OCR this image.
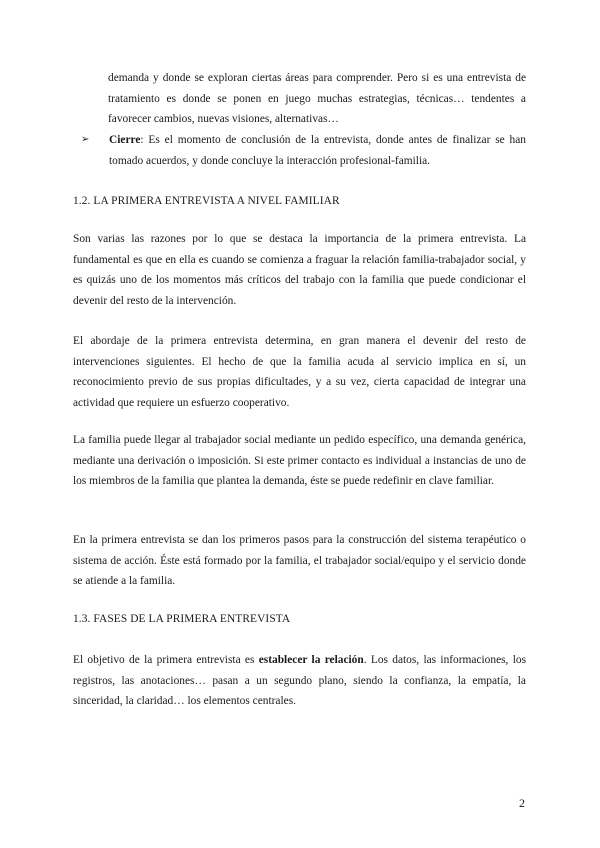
demanda y donde se exploran ciertas áreas para comprender. Pero si es una entrevista de tratamiento es donde se ponen en juego muchas estrategias, técnicas… tendentes a favorecer cambios, nuevas visiones, alternativas…

➢	Cierre: Es el momento de conclusión de la entrevista, donde antes de finalizar se han tomado acuerdos, y donde concluye la interacción profesional-familia.

1.2. LA PRIMERA ENTREVISTA A NIVEL FAMILIAR

Son varias las razones por lo que se destaca la importancia de la primera entrevista. La fundamental es que en ella es cuando se comienza a fraguar la relación familia-trabajador social, y es quizás uno de los momentos más críticos del trabajo con la familia que puede condicionar el devenir del resto de la intervención.

El abordaje de la primera entrevista determina, en gran manera el devenir del resto de intervenciones siguientes. El hecho de que la familia acuda al servicio implica en sí, un reconocimiento previo de sus propias dificultades, y a su vez, cierta capacidad de integrar una actividad que requiere un esfuerzo cooperativo.

La familia puede llegar al trabajador social mediante un pedido específico, una demanda genérica, mediante una derivación o imposición. Si este primer contacto es individual a instancias de uno de los miembros de la familia que plantea la demanda, éste se puede redefinir en clave familiar.

En la primera entrevista se dan los primeros pasos para la construcción del sistema terapéutico o sistema de acción. Éste está formado por la familia, el trabajador social/equipo y el servicio donde se atiende a la familia.

1.3. FASES DE LA PRIMERA ENTREVISTA

El objetivo de la primera entrevista es establecer la relación. Los datos, las informaciones, los registros, las anotaciones… pasan a un segundo plano, siendo la confianza, la empatía, la sinceridad, la claridad… los elementos centrales.

2
